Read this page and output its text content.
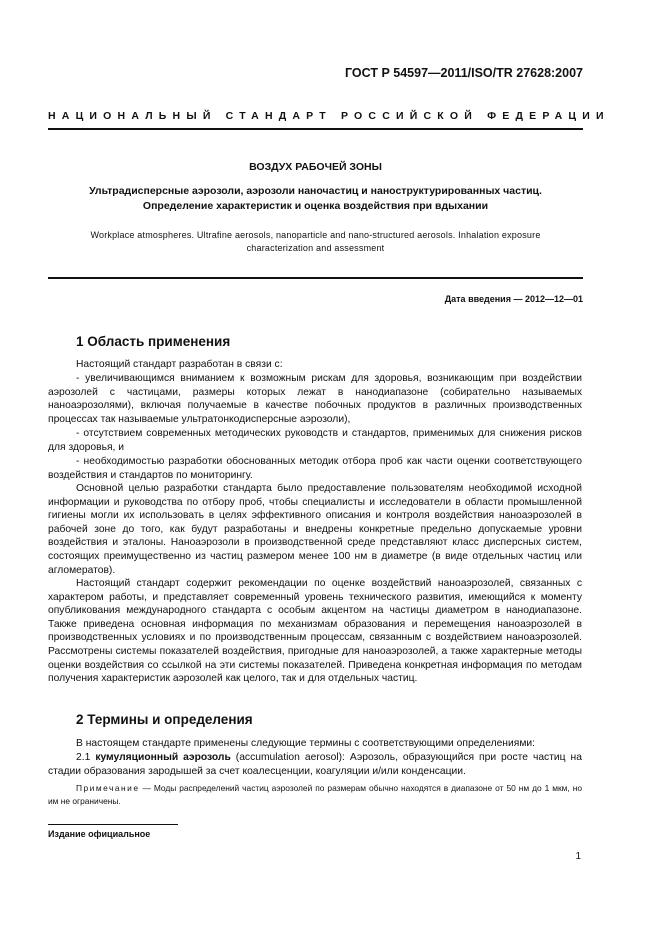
ГОСТ Р 54597—2011/ISO/TR 27628:2007
НАЦИОНАЛЬНЫЙ СТАНДАРТ РОССИЙСКОЙ ФЕДЕРАЦИИ
ВОЗДУХ РАБОЧЕЙ ЗОНЫ
Ультрадисперсные аэрозоли, аэрозоли наночастиц и наноструктурированных частиц.
Определение характеристик и оценка воздействия при вдыхании
Workplace atmospheres. Ultrafine aerosols, nanoparticle and nano-structured aerosols. Inhalation exposure
characterization and assessment
Дата введения — 2012—12—01
1 Область применения

Настоящий стандарт разработан в связи с:

- увеличивающимся вниманием к возможным рискам для здоровья, возникающим при воздействии аэрозолей с частицами, размеры которых лежат в нанодиапазоне (собирательно называемых наноаэрозолями), включая получаемые в качестве побочных продуктов в различных производственных процессах так называемые ультратонкодисперсные аэрозоли),

- отсутствием современных методических руководств и стандартов, применимых для снижения рисков для здоровья, и

- необходимостью разработки обоснованных методик отбора проб как части оценки соответствующего воздействия и стандартов по мониторингу.

Основной целью разработки стандарта было предоставление пользователям необходимой исходной информации и руководства по отбору проб, чтобы специалисты и исследователи в области промышленной гигиены могли их использовать в целях эффективного описания и контроля воздействия наноаэрозолей в рабочей зоне до того, как будут разработаны и внедрены конкретные предельно допускаемые уровни воздействия и эталоны. Наноаэрозоли в производственной среде представляют класс дисперсных систем, состоящих преимущественно из частиц размером менее 100 нм в диаметре (в виде отдельных частиц или агломератов).

Настоящий стандарт содержит рекомендации по оценке воздействий наноаэрозолей, связанных с характером работы, и представляет современный уровень технического развития, имеющийся к моменту опубликования международного стандарта с особым акцентом на частицы диаметром в нанодиапазоне. Также приведена основная информация по механизмам образования и перемещения наноаэрозолей в производственных условиях и по производственным процессам, связанным с воздействием наноаэрозолей. Рассмотрены системы показателей воздействия, пригодные для наноаэрозолей, а также характерные методы оценки воздействия со ссылкой на эти системы показателей. Приведена конкретная информация по методам получения характеристик аэрозолей как целого, так и для отдельных частиц.

2 Термины и определения

В настоящем стандарте применены следующие термины с соответствующими определениями:

2.1 кумуляционный аэрозоль (accumulation aerosol): Аэрозоль, образующийся при росте частиц на стадии образования зародышей за счет коалесценции, коагуляции и/или конденсации.

Примечание — Моды распределений частиц аэрозолей по размерам обычно находятся в диапазоне от 50 нм до 1 мкм, но им не ограничены.

Издание официальное
1
